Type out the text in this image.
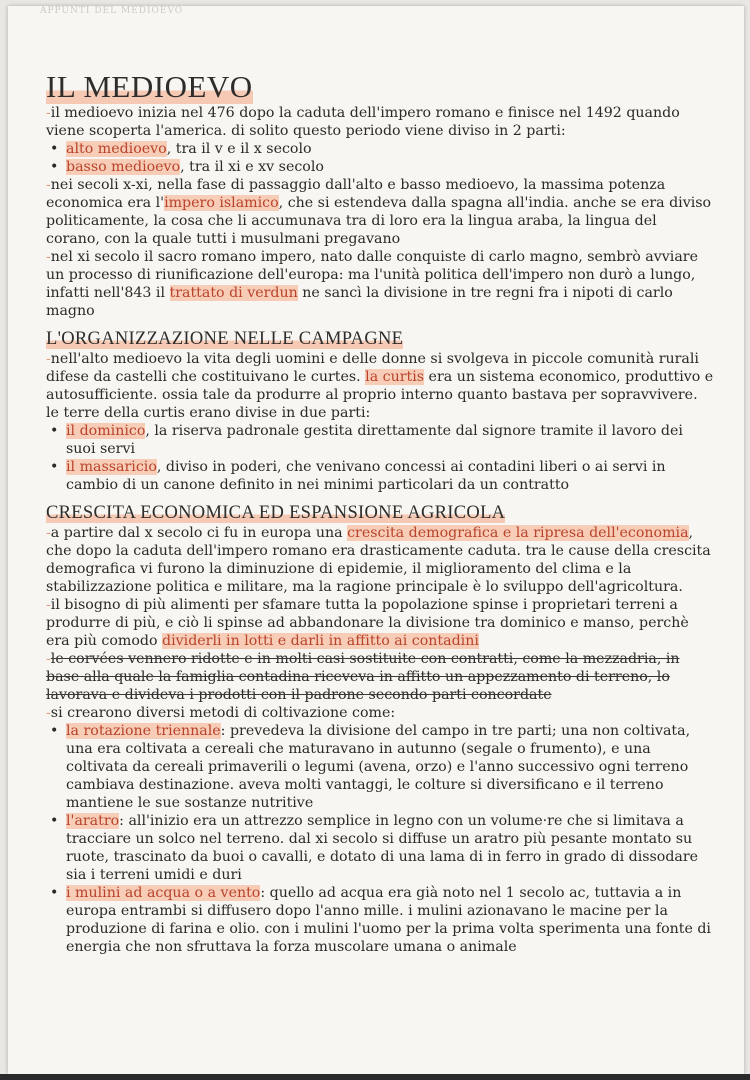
APPUNTI DEL MEDIOEVO
IL MEDIOEVO

-il medioevo inizia nel 476 dopo la caduta dell'impero romano e finisce nel 1492 quando viene scoperta l'america. di solito questo periodo viene diviso in 2 parti:

• alto medioevo, tra il v e il x secolo
• basso medioevo, tra il xi e xv secolo

-nei secoli x-xi, nella fase di passaggio dall'alto e basso medioevo, la massima potenza economica era l'impero islamico, che si estendeva dalla spagna all'india. anche se era diviso politicamente, la cosa che li accumunava tra di loro era la lingua araba, la lingua del corano, con la quale tutti i musulmani pregavano

-nel xi secolo il sacro romano impero, nato dalle conquiste di carlo magno, sembrò avviare un processo di riunificazione dell'europa: ma l'unità politica dell'impero non durò a lungo, infatti nell'843 il trattato di verdun ne sancì la divisione in tre regni fra i nipoti di carlo magno

L'ORGANIZZAZIONE NELLE CAMPAGNE

-nell'alto medioevo la vita degli uomini e delle donne si svolgeva in piccole comunità rurali difese da castelli che costituivano le curtes. la curtis era un sistema economico, produttivo e autosufficiente. ossia tale da produrre al proprio interno quanto bastava per sopravvivere. le terre della curtis erano divise in due parti:

• il dominico, la riserva padronale gestita direttamente dal signore tramite il lavoro dei suoi servi
• il massaricio, diviso in poderi, che venivano concessi ai contadini liberi o ai servi in cambio di un canone definito in nei minimi particolari da un contratto
CRESCITA ECONOMICA ED ESPANSIONE AGRICOLA

-a partire dal x secolo ci fu in europa una crescita demografica e la ripresa dell'economia, che dopo la caduta dell'impero romano era drasticamente caduta. tra le cause della crescita demografica vi furono la diminuzione di epidemie, il miglioramento del clima e la stabilizzazione politica e militare, ma la ragione principale è lo sviluppo dell'agricoltura.

-il bisogno di più alimenti per sfamare tutta la popolazione spinse i proprietari terreni a produrre di più, e ciò li spinse ad abbandonare la divisione tra dominico e manso, perchè era più comodo dividerli in lotti e darli in affitto ai contadini

-le corvées vennero ridotte e in molti casi sostituite con contratti, come la mezzadria, in base alla quale la famiglia contadina riceveva in affitto un appezzamento di terreno, lo lavorava e divideva i prodotti con il padrone secondo parti concordate

-si crearono diversi metodi di coltivazione come:

• la rotazione triennale: prevedeva la divisione del campo in tre parti; una non coltivata, una era coltivata a cereali che maturavano in autunno (segale o frumento), e una coltivata da cereali primaverili o legumi (avena, orzo) e l'anno successivo ogni terreno cambiava destinazione. aveva molti vantaggi, le colture si diversificano e il terreno mantiene le sue sostanze nutritive
• l'aratro: all'inizio era un attrezzo semplice in legno con un volume·re che si limitava a tracciare un solco nel terreno. dal xi secolo si diffuse un aratro più pesante montato su ruote, trascinato da buoi o cavalli, e dotato di una lama di in ferro in grado di dissodare sia i terreni umidi e duri
• i mulini ad acqua o a vento: quello ad acqua era già noto nel 1 secolo ac, tuttavia a in europa entrambi si diffusero dopo l'anno mille. i mulini azionavano le macine per la produzione di farina e olio. con i mulini l'uomo per la prima volta sperimenta una fonte di energia che non sfruttava la forza muscolare umana o animale
